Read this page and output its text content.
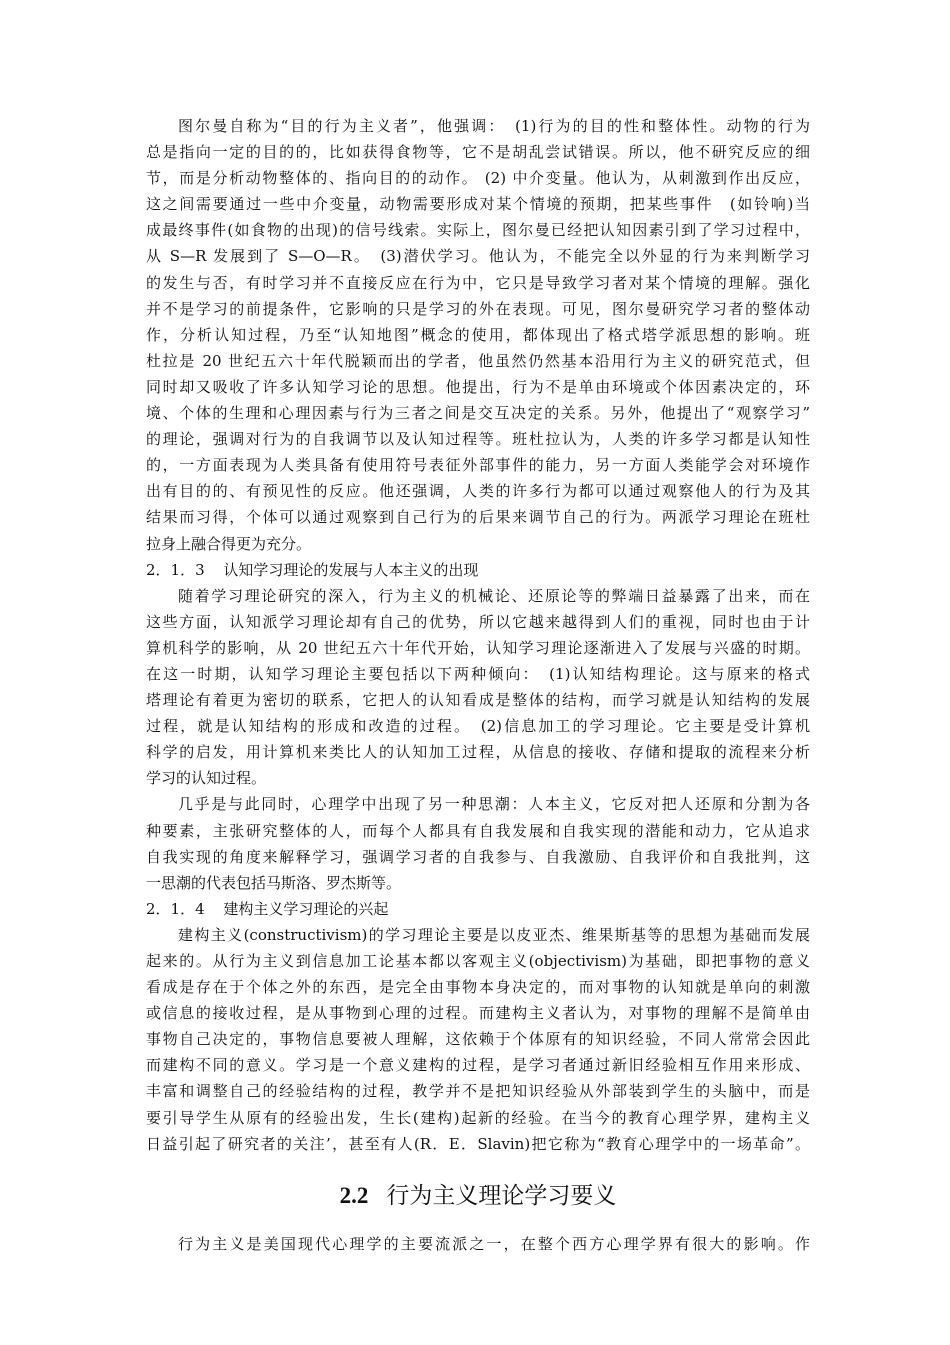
图尔曼自称为“目的行为主义者”，他强调：　(1)行为的目的性和整体性。动物的行为
总是指向一定的目的的，比如获得食物等，它不是胡乱尝试错误。所以，他不研究反应的细
节，而是分析动物整体的、指向目的的动作。 (2) 中介变量。他认为，从刺激到作出反应，
这之间需要通过一些中介变量，动物需要形成对某个情境的预期，把某些事件　(如铃响)当
成最终事件(如食物的出现)的信号线索。实际上，图尔曼已经把认知因素引到了学习过程中，
从 S—R 发展到了 S—O—R。　(3)潜伏学习。他认为，不能完全以外显的行为来判断学习
的发生与否，有时学习并不直接反应在行为中，它只是导致学习者对某个情境的理解。强化
并不是学习的前提条件，它影响的只是学习的外在表现。可见，图尔曼研究学习者的整体动
作，分析认知过程，乃至“认知地图”概念的使用，都体现出了格式塔学派思想的影响。班
杜拉是 20 世纪五六十年代脱颖而出的学者，他虽然仍然基本沿用行为主义的研究范式，但
同时却又吸收了许多认知学习论的思想。他提出，行为不是单由环境或个体因素决定的，环
境、个体的生理和心理因素与行为三者之间是交互决定的关系。另外，他提出了“观察学习”
的理论，强调对行为的自我调节以及认知过程等。班杜拉认为，人类的许多学习都是认知性
的，一方面表现为人类具备有使用符号表征外部事件的能力，另一方面人类能学会对环境作
出有目的的、有预见性的反应。他还强调，人类的许多行为都可以通过观察他人的行为及其
结果而习得，个体可以通过观察到自己行为的后果来调节自己的行为。两派学习理论在班杜
拉身上融合得更为充分。
2．1．3 认知学习理论的发展与人本主义的出现
随着学习理论研究的深入，行为主义的机械论、还原论等的弊端日益暴露了出来，而在
这些方面，认知派学习理论却有自己的优势，所以它越来越得到人们的重视，同时也由于计
算机科学的影响，从 20 世纪五六十年代开始，认知学习理论逐渐进入了发展与兴盛的时期。
在这一时期，认知学习理论主要包括以下两种倾向：　(1)认知结构理论。这与原来的格式
塔理论有着更为密切的联系，它把人的认知看成是整体的结构，而学习就是认知结构的发展
过程，就是认知结构的形成和改造的过程。　(2)信息加工的学习理论。它主要是受计算机
科学的启发，用计算机来类比人的认知加工过程，从信息的接收、存储和提取的流程来分析
学习的认知过程。
几乎是与此同时，心理学中出现了另一种思潮：人本主义，它反对把人还原和分割为各
种要素，主张研究整体的人，而每个人都具有自我发展和自我实现的潜能和动力，它从追求
自我实现的角度来解释学习，强调学习者的自我参与、自我激励、自我评价和自我批判，这
一思潮的代表包括马斯洛、罗杰斯等。
2．1．4 建构主义学习理论的兴起
建构主义(constructivism)的学习理论主要是以皮亚杰、维果斯基等的思想为基础而发展
起来的。从行为主义到信息加工论基本都以客观主义(objectivism)为基础，即把事物的意义
看成是存在于个体之外的东西，是完全由事物本身决定的，而对事物的认知就是单向的刺激
或信息的接收过程，是从事物到心理的过程。而建构主义者认为，对事物的理解不是简单由
事物自己决定的，事物信息要被人理解，这依赖于个体原有的知识经验，不同人常常会因此
而建构不同的意义。学习是一个意义建构的过程，是学习者通过新旧经验相互作用来形成、
丰富和调整自己的经验结构的过程，教学并不是把知识经验从外部装到学生的头脑中，而是
要引导学生从原有的经验出发，生长(建构)起新的经验。在当今的教育心理学界，建构主义
日益引起了研究者的关注’，甚至有人(R．E．Slavin)把它称为“教育心理学中的一场革命”。
2.2 行为主义理论学习要义
行为主义是美国现代心理学的主要流派之一，在整个西方心理学界有很大的影响。作
